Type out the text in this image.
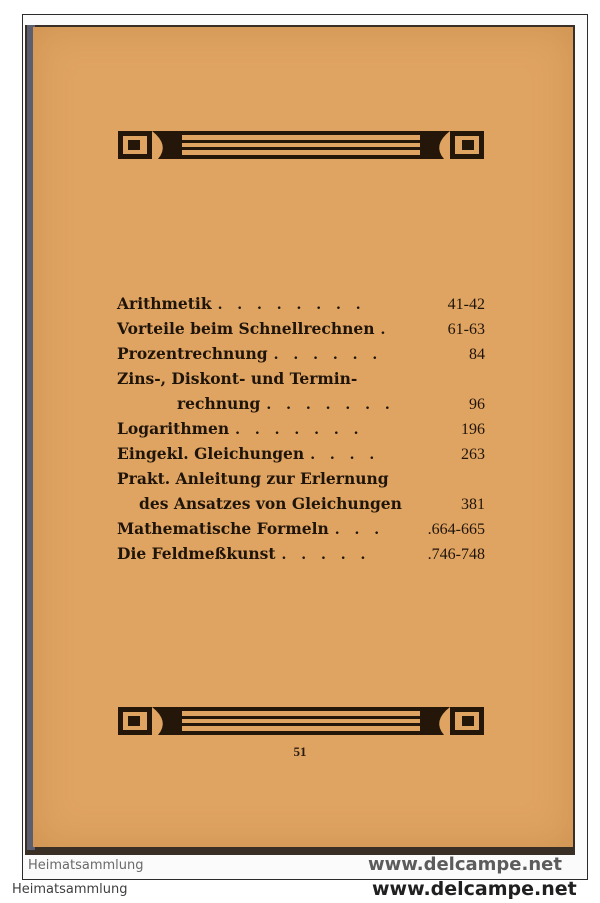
Arithmetik . . . . . . . .	41-42
Vorteile beim Schnellrechnen .	61-63
Prozentrechnung . . . . . .	84
Zins-, Diskont- und Termin-
rechnung . . . . . . .	96
Logarithmen . . . . . . .	196
Eingekl. Gleichungen . . . .	263
Prakt. Anleitung zur Erlernung
des Ansatzes von Gleichungen	381
Mathematische Formeln . . .	.664-665
Die Feldmeßkunst . . . . .	.746-748
51
Heimatsammlung	www.delcampe.net
Heimatsammlung	www.delcampe.net
